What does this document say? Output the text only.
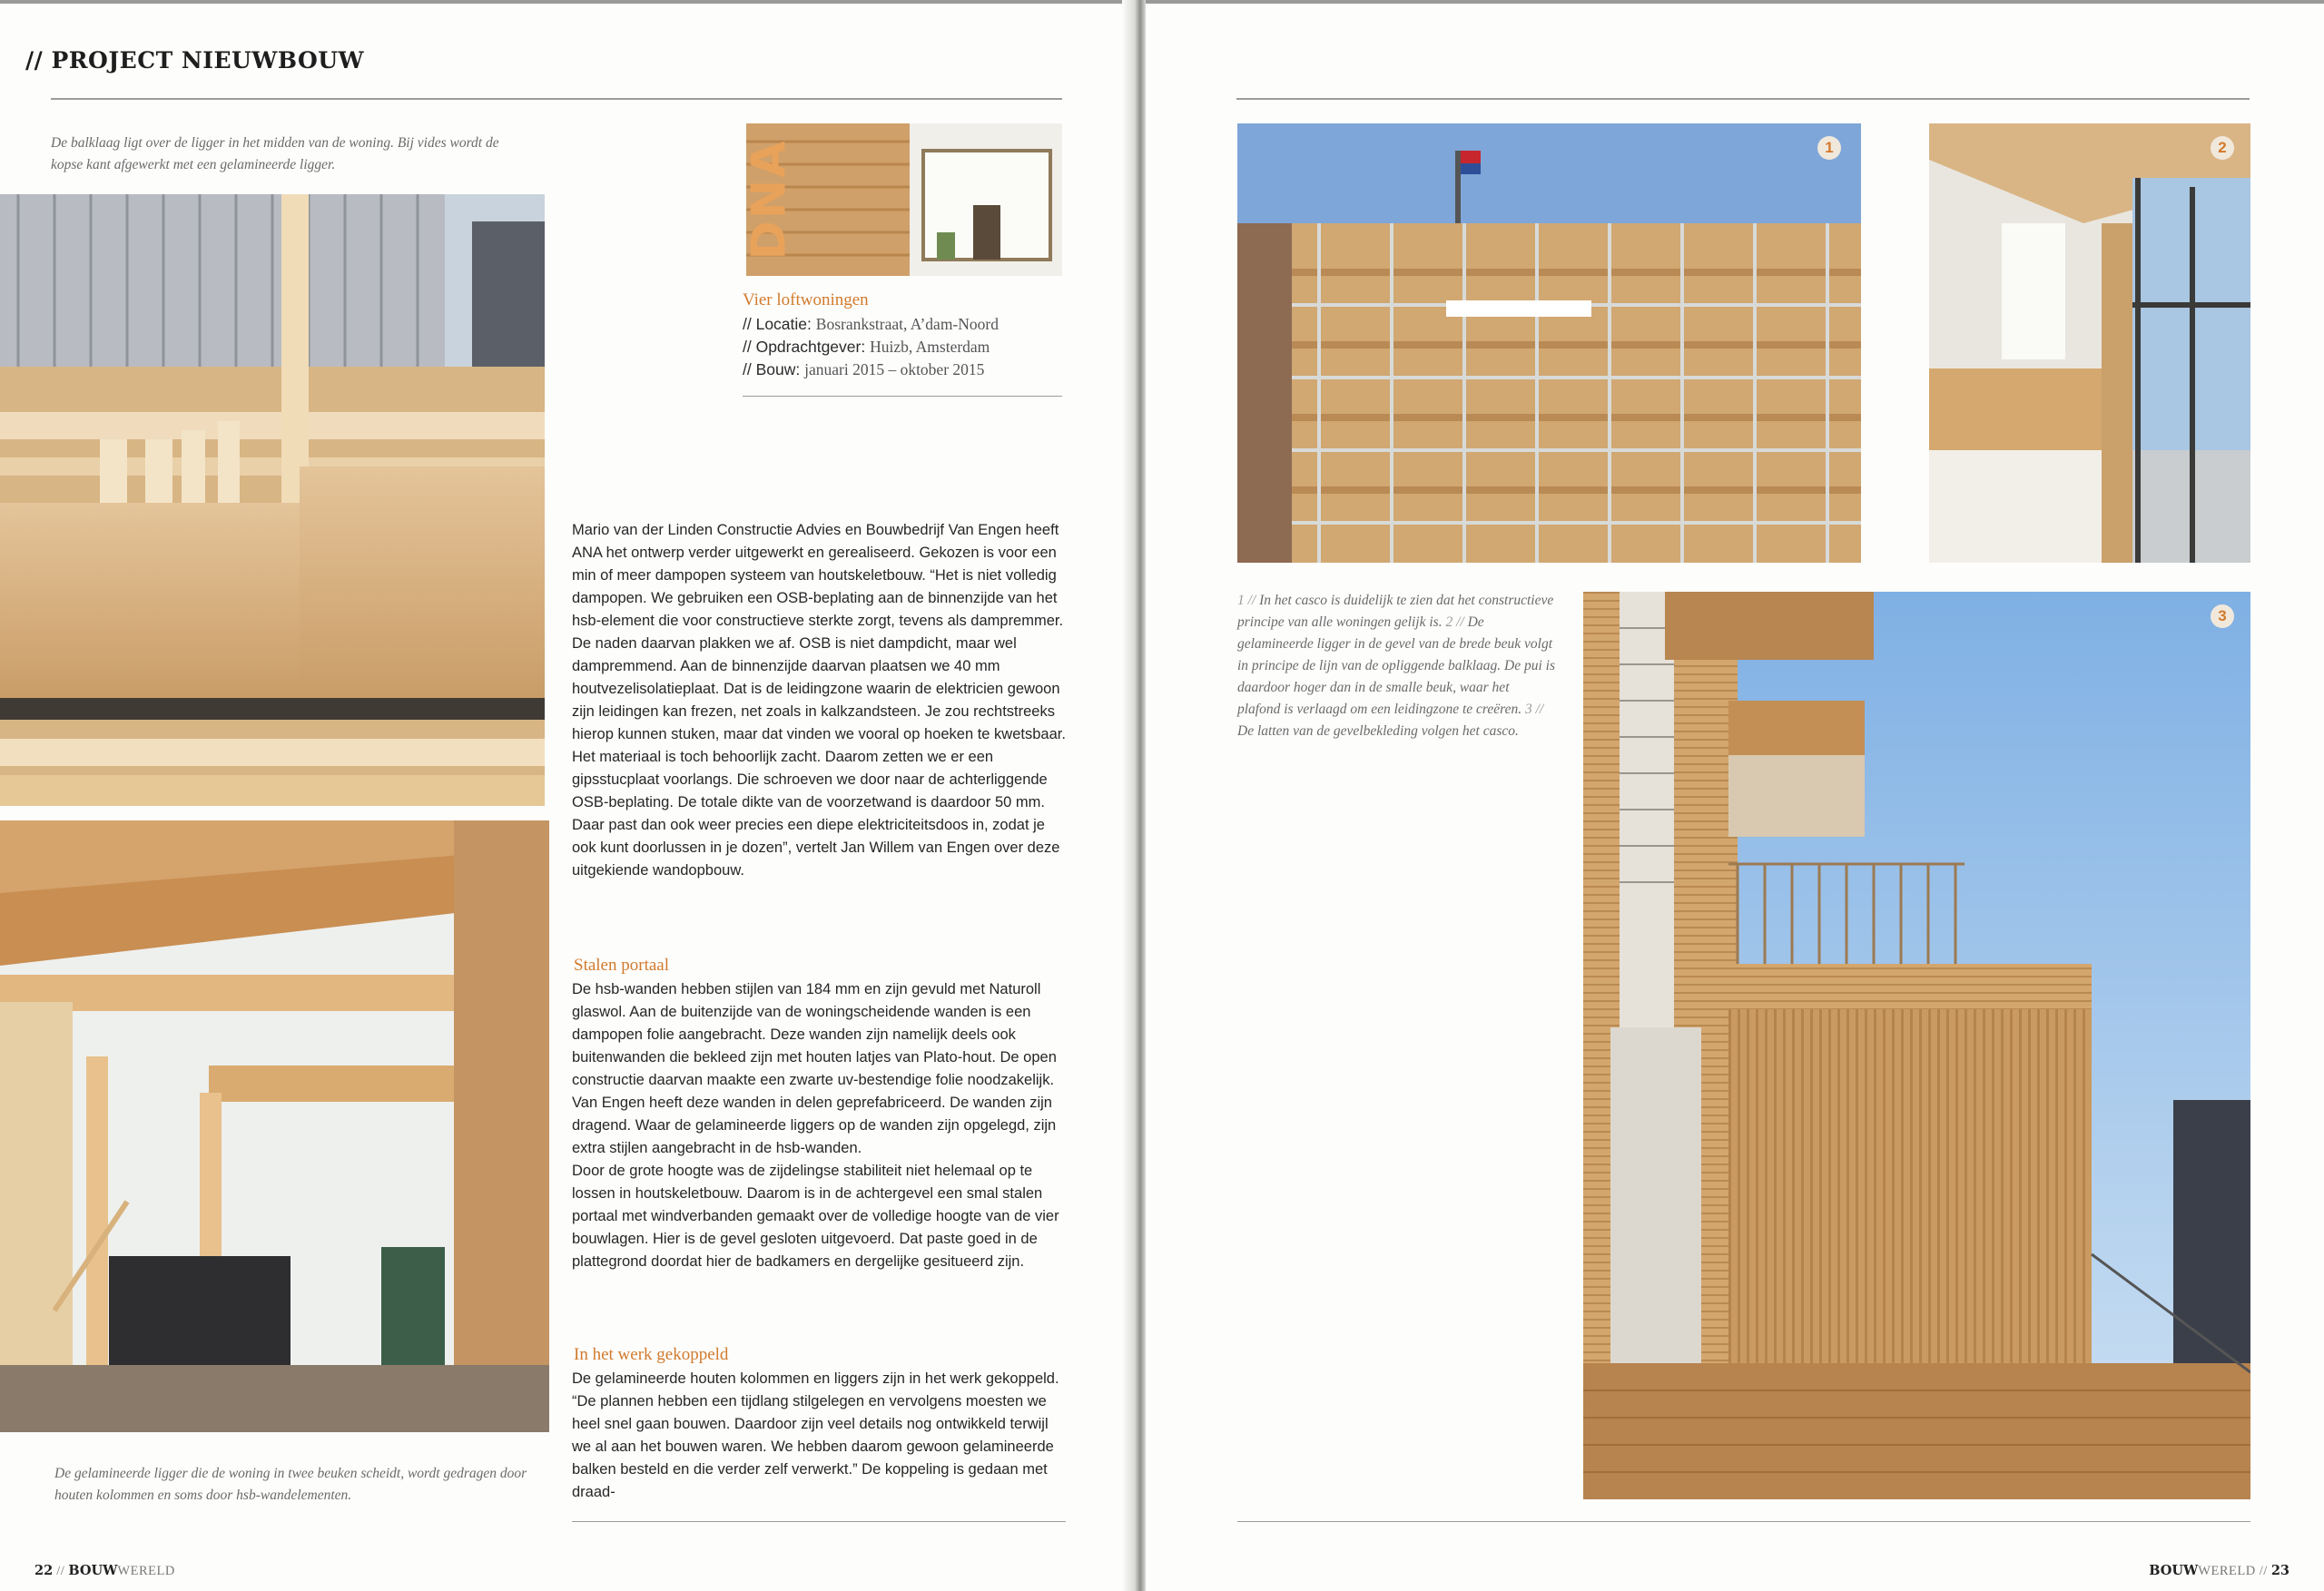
// PROJECT NIEUWBOUW
De balklaag ligt over de ligger in het midden van de woning. Bij vides wordt de kopse kant afgewerkt met een gelamineerde ligger.	DNA
Vier loftwoningen
// Locatie: Bosrankstraat, A’dam-Noord
// Opdrachtgever: Huizb, Amsterdam
// Bouw: januari 2015 – oktober 2015

Mario van der Linden Constructie Advies en Bouwbedrijf Van Engen heeft ANA het ontwerp verder uitgewerkt en gerealiseerd. Gekozen is voor een min of meer dampopen systeem van houtskeletbouw. “Het is niet volledig dampopen. We gebruiken een OSB-beplating aan de binnenzijde van het hsb-element die voor constructieve sterkte zorgt, tevens als dampremmer. De naden daarvan plakken we af. OSB is niet dampdicht, maar wel dampremmend. Aan de binnenzijde daarvan plaatsen we 40 mm houtvezelisolatieplaat. Dat is de leidingzone waarin de elektricien gewoon zijn leidingen kan frezen, net zoals in kalkzandsteen. Je zou rechtstreeks hierop kunnen stuken, maar dat vinden we vooral op hoeken te kwetsbaar. Het materiaal is toch behoorlijk zacht. Daarom zetten we er een gipsstucplaat voorlangs. Die schroeven we door naar de achterliggende OSB-beplating. De totale dikte van de voorzetwand is daardoor 50 mm. Daar past dan ook weer precies een diepe elektriciteitsdoos in, zodat je ook kunt doorlussen in je dozen”, vertelt Jan Willem van Engen over deze uitgekiende wandopbouw.

Stalen portaal

De hsb-wanden hebben stijlen van 184 mm en zijn gevuld met Naturoll glaswol. Aan de buitenzijde van de woningscheidende wanden is een dampopen folie aangebracht. Deze wanden zijn namelijk deels ook buitenwanden die bekleed zijn met houten latjes van Plato-hout. De open constructie daarvan maakte een zwarte uv-bestendige folie noodzakelijk. Van Engen heeft deze wanden in delen geprefabriceerd. De wanden zijn dragend. Waar de gelamineerde liggers op de wanden zijn opgelegd, zijn extra stijlen aangebracht in de hsb-wanden.

Door de grote hoogte was de zijdelingse stabiliteit niet helemaal op te lossen in houtskeletbouw. Daarom is in de achtergevel een smal stalen portaal met windverbanden gemaakt over de volledige hoogte van de vier bouwlagen. Hier is de gevel gesloten uitgevoerd. Dat paste goed in de plattegrond doordat hier de badkamers en dergelijke gesitueerd zijn.

In het werk gekoppeld

De gelamineerde houten kolommen en liggers zijn in het werk gekoppeld. “De plannen hebben een tijdlang stilgelegen en vervolgens moesten we heel snel gaan bouwen. Daardoor zijn veel details nog ontwikkeld terwijl we al aan het bouwen waren. We hebben daarom gewoon gelamineerde balken besteld en die verder zelf verwerkt.” De koppeling is gedaan met draad-

De gelamineerde ligger die de woning in twee beuken scheidt, wordt gedragen door houten kolommen en soms door hsb-wandelementen.
22 // BOUWWERELD
1	2
1 // In het casco is duidelijk te zien dat het constructieve principe van alle woningen gelijk is. 2 // De gelamineerde ligger in de gevel van de brede beuk volgt in principe de lijn van de opliggende balklaag. De pui is daardoor hoger dan in de smalle beuk, waar het plafond is verlaagd om een leidingzone te creëren. 3 // De latten van de gevelbekleding volgen het casco.
3
BOUWWERELD // 23
